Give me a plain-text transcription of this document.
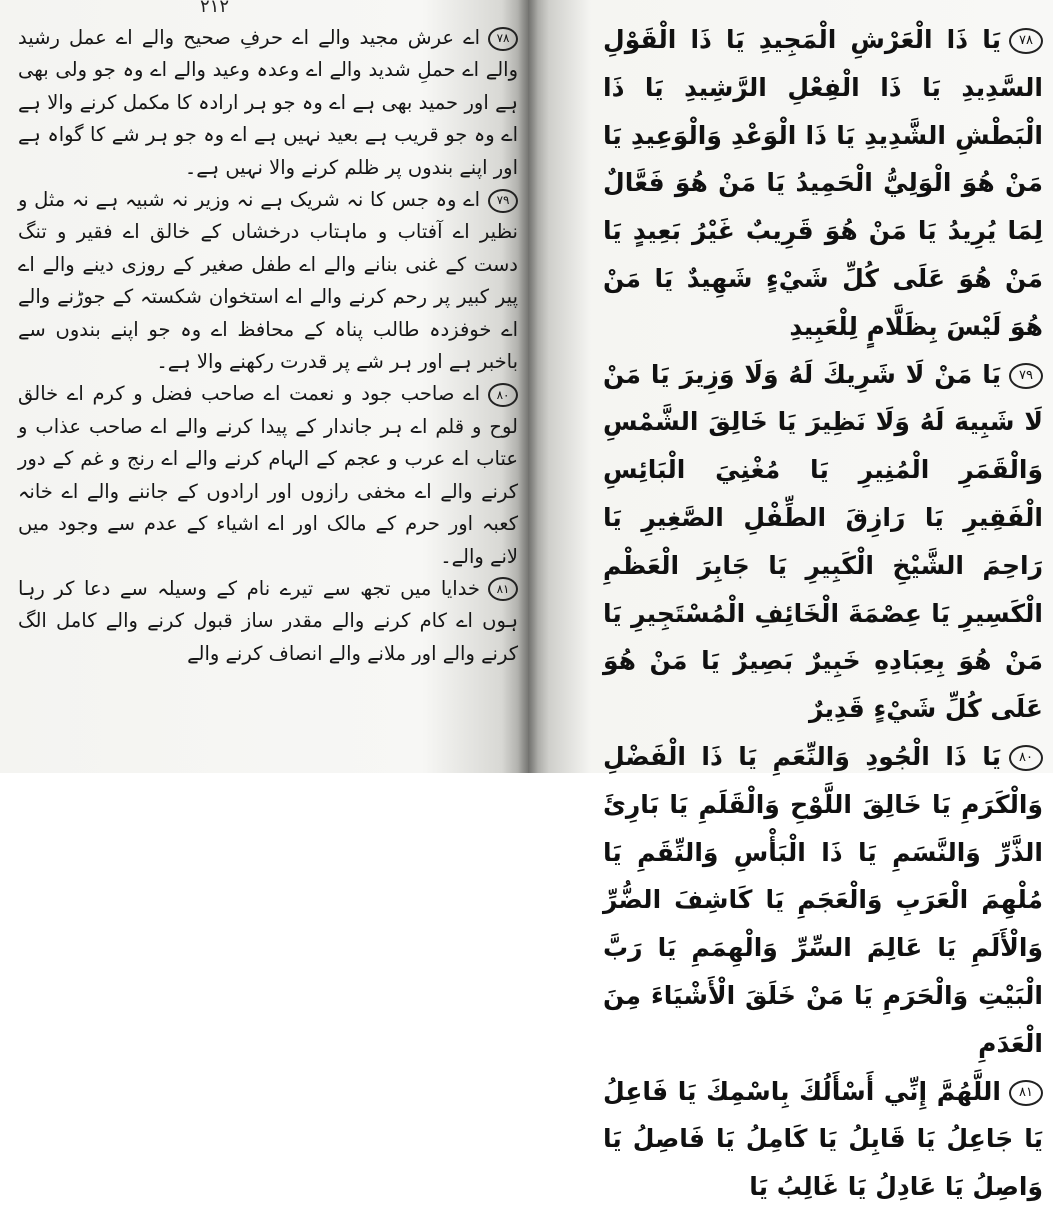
۲۱۲

۷۸اے عرش مجید والے اے حرفِ صحیح والے اے عمل رشید والے اے حملِ شدید والے اے وعدہ وعید والے اے وہ جو ولی بھی ہے اور حمید بھی ہے اے وہ جو ہر ارادہ کا مکمل کرنے والا ہے اے وہ جو قریب ہے بعید نہیں ہے اے وہ جو ہر شے کا گواہ ہے اور اپنے بندوں پر ظلم کرنے والا نہیں ہے۔

۷۹اے وہ جس کا نہ شریک ہے نہ وزیر نہ شبیہ ہے نہ مثل و نظیر اے آفتاب و ماہتاب درخشاں کے خالق اے فقیر و تنگ دست کے غنی بنانے والے اے طفل صغیر کے روزی دینے والے اے پیر کبیر پر رحم کرنے والے اے استخوان شکستہ کے جوڑنے والے اے خوفزدہ طالب پناہ کے محافظ اے وہ جو اپنے بندوں سے باخبر ہے اور ہر شے پر قدرت رکھنے والا ہے۔

۸۰اے صاحب جود و نعمت اے صاحب فضل و کرم اے خالق لوح و قلم اے ہر جاندار کے پیدا کرنے والے اے صاحب عذاب و عتاب اے عرب و عجم کے الہام کرنے والے اے رنج و غم کے دور کرنے والے اے مخفی رازوں اور ارادوں کے جاننے والے اے خانہ کعبہ اور حرم کے مالک اور اے اشیاء کے عدم سے وجود میں لانے والے۔

۸۱خدایا میں تجھ سے تیرے نام کے وسیلہ سے دعا کر رہا ہوں اے کام کرنے والے مقدر ساز قبول کرنے والے کامل الگ کرنے والے اور ملانے والے انصاف کرنے والے

۷۸يَا ذَا الْعَرْشِ الْمَجِيدِ يَا ذَا الْقَوْلِ السَّدِيدِ يَا ذَا الْفِعْلِ الرَّشِيدِ يَا ذَا الْبَطْشِ الشَّدِيدِ يَا ذَا الْوَعْدِ وَالْوَعِيدِ يَا مَنْ هُوَ الْوَلِيُّ الْحَمِيدُ يَا مَنْ هُوَ فَعَّالٌ لِمَا يُرِيدُ يَا مَنْ هُوَ قَرِيبٌ غَيْرُ بَعِيدٍ يَا مَنْ هُوَ عَلَى كُلِّ شَيْءٍ شَهِيدٌ يَا مَنْ هُوَ لَيْسَ بِظَلَّامٍ لِلْعَبِيدِ

۷۹يَا مَنْ لَا شَرِيكَ لَهُ وَلَا وَزِيرَ يَا مَنْ لَا شَبِيهَ لَهُ وَلَا نَظِيرَ يَا خَالِقَ الشَّمْسِ وَالْقَمَرِ الْمُنِيرِ يَا مُغْنِيَ الْبَائِسِ الْفَقِيرِ يَا رَازِقَ الطِّفْلِ الصَّغِيرِ يَا رَاحِمَ الشَّيْخِ الْكَبِيرِ يَا جَابِرَ الْعَظْمِ الْكَسِيرِ يَا عِصْمَةَ الْخَائِفِ الْمُسْتَجِيرِ يَا مَنْ هُوَ بِعِبَادِهِ خَبِيرٌ بَصِيرٌ يَا مَنْ هُوَ عَلَى كُلِّ شَيْءٍ قَدِيرٌ

۸۰يَا ذَا الْجُودِ وَالنِّعَمِ يَا ذَا الْفَضْلِ وَالْكَرَمِ يَا خَالِقَ اللَّوْحِ وَالْقَلَمِ يَا بَارِئَ الذَّرِّ وَالنَّسَمِ يَا ذَا الْبَأْسِ وَالنِّقَمِ يَا مُلْهِمَ الْعَرَبِ وَالْعَجَمِ يَا كَاشِفَ الضُّرِّ وَالْأَلَمِ يَا عَالِمَ السِّرِّ وَالْهِمَمِ يَا رَبَّ الْبَيْتِ وَالْحَرَمِ يَا مَنْ خَلَقَ الْأَشْيَاءَ مِنَ الْعَدَمِ

۸۱اللَّهُمَّ إِنِّي أَسْأَلُكَ بِاسْمِكَ يَا فَاعِلُ يَا جَاعِلُ يَا قَابِلُ يَا كَامِلُ يَا فَاصِلُ يَا وَاصِلُ يَا عَادِلُ يَا غَالِبُ يَا
